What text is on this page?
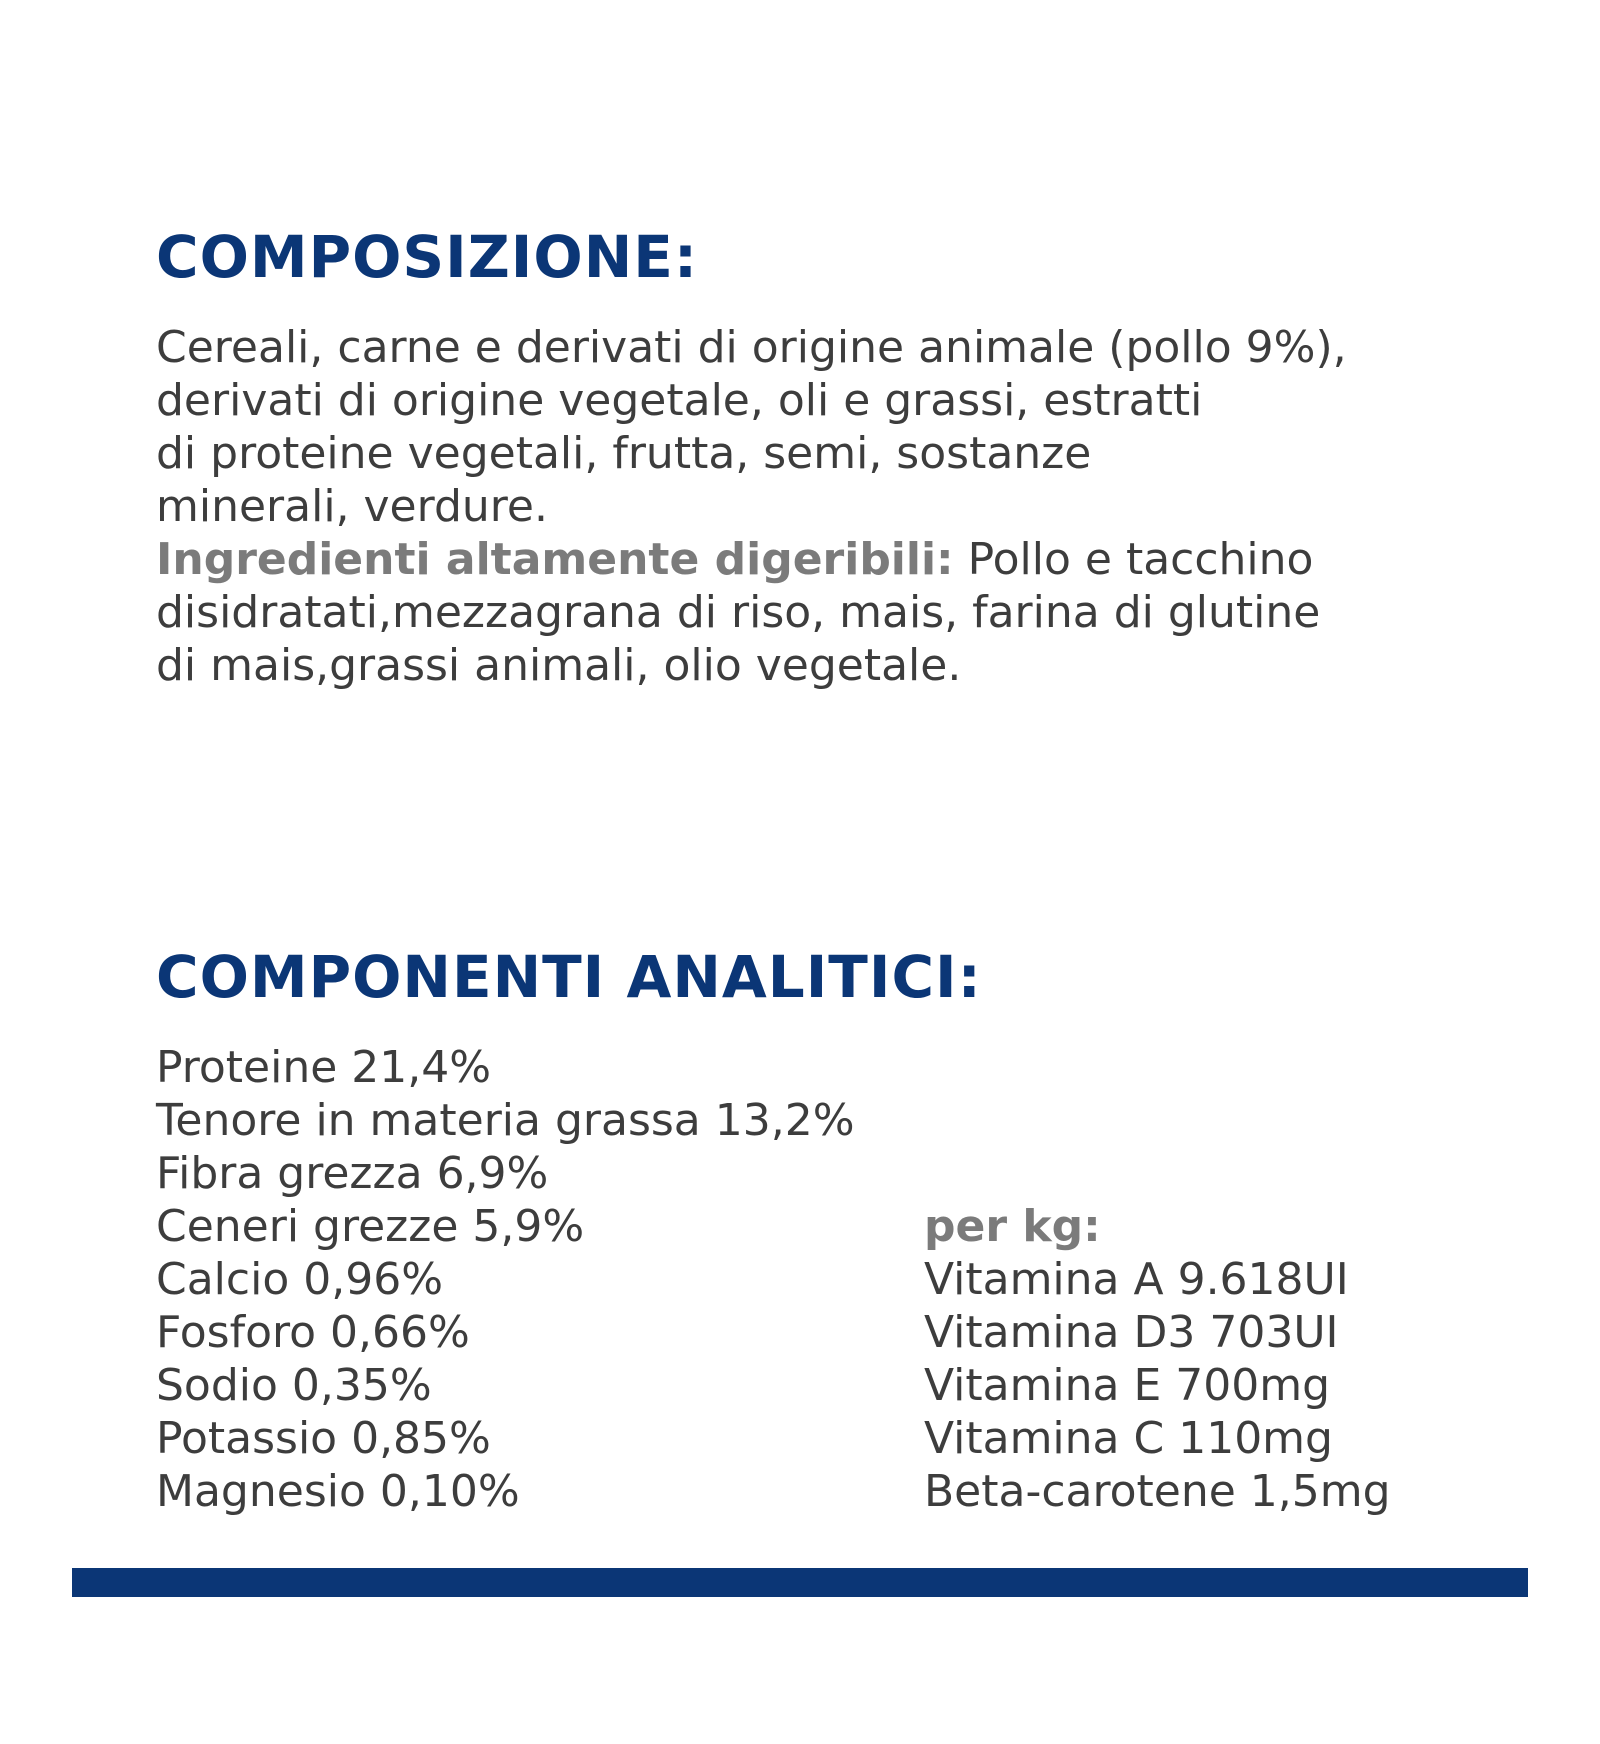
COMPOSIZIONE:
Cereali, carne e derivati di origine animale (pollo 9%),
derivati di origine vegetale, oli e grassi, estratti
di proteine vegetali, frutta, semi, sostanze
minerali, verdure.
Ingredienti altamente digeribili: Pollo e tacchino
disidratati,mezzagrana di riso, mais, farina di glutine
di mais,grassi animali, olio vegetale.
COMPONENTI ANALITICI:
Proteine 21,4%
Tenore in materia grassa 13,2%
Fibra grezza 6,9%
Ceneri grezze 5,9%
Calcio 0,96%
Fosforo 0,66%
Sodio 0,35%
Potassio 0,85%
Magnesio 0,10%
per kg:
Vitamina A 9.618UI
Vitamina D3 703UI
Vitamina E 700mg
Vitamina C 110mg
Beta-carotene 1,5mg
